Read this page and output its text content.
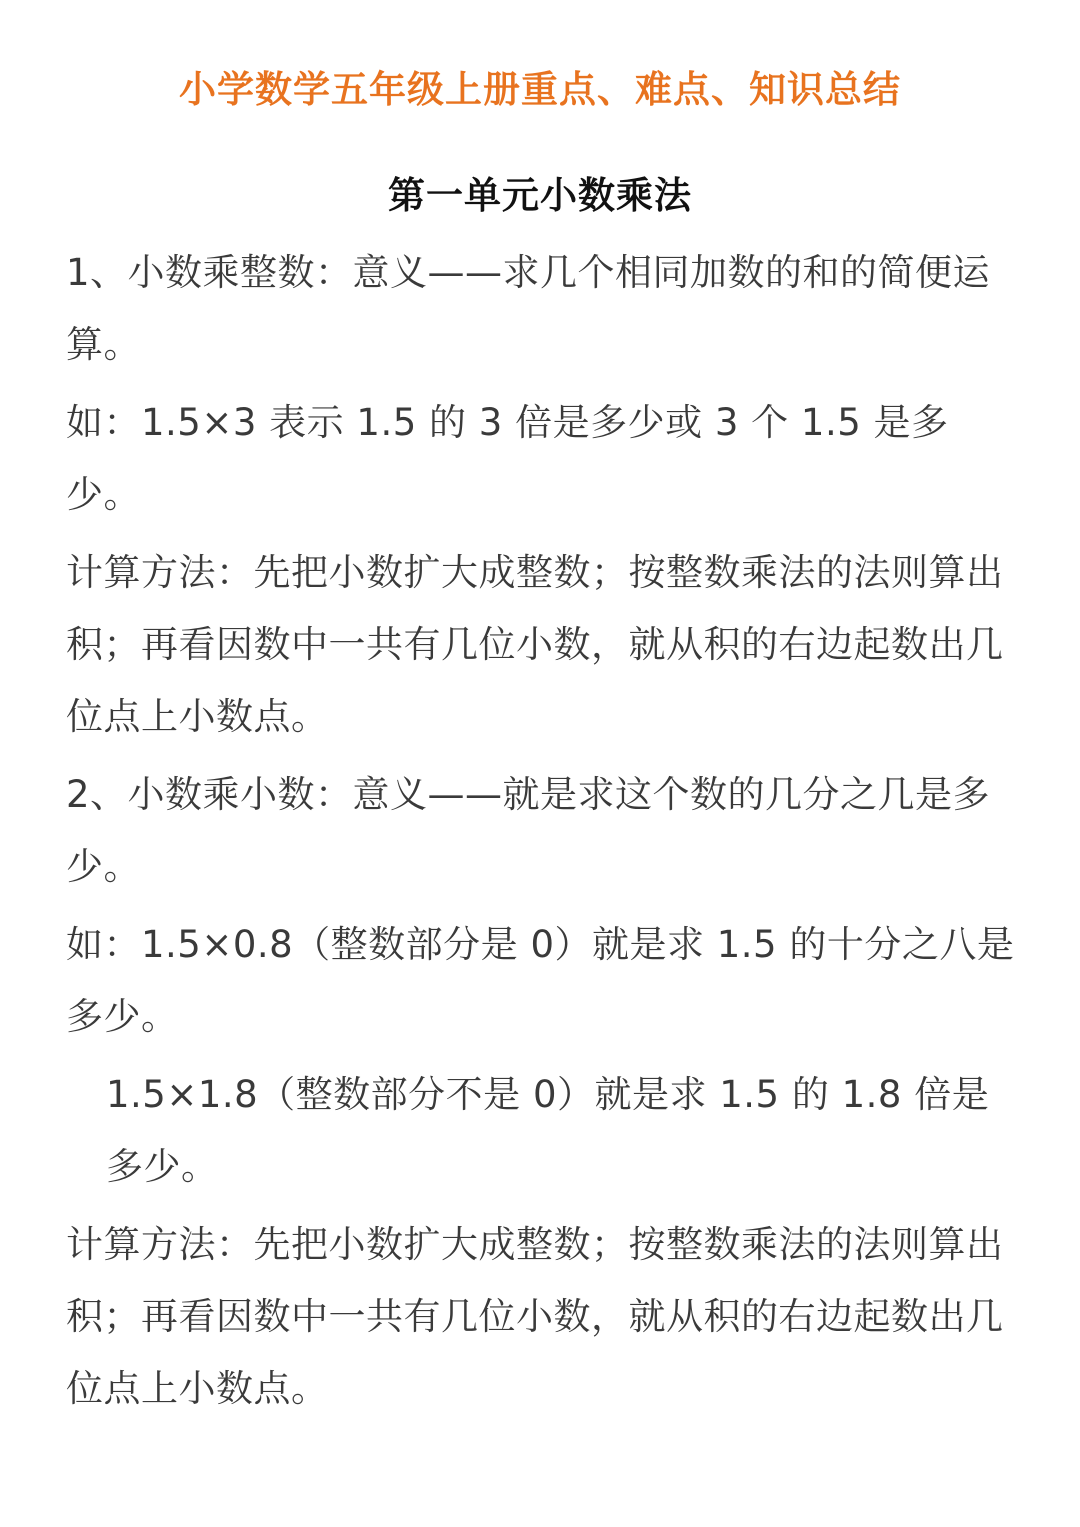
小学数学五年级上册重点、难点、知识总结
第一单元小数乘法

1、小数乘整数：意义——求几个相同加数的和的简便运算。

如：1.5×3 表示 1.5 的 3 倍是多少或 3 个 1.5 是多少。

计算方法：先把小数扩大成整数；按整数乘法的法则算出积；再看因数中一共有几位小数，就从积的右边起数出几位点上小数点。

2、小数乘小数：意义——就是求这个数的几分之几是多少。

如：1.5×0.8（整数部分是 0）就是求 1.5 的十分之八是多少。

1.5×1.8（整数部分不是 0）就是求 1.5 的 1.8 倍是多少。

计算方法：先把小数扩大成整数；按整数乘法的法则算出积；再看因数中一共有几位小数，就从积的右边起数出几位点上小数点。
